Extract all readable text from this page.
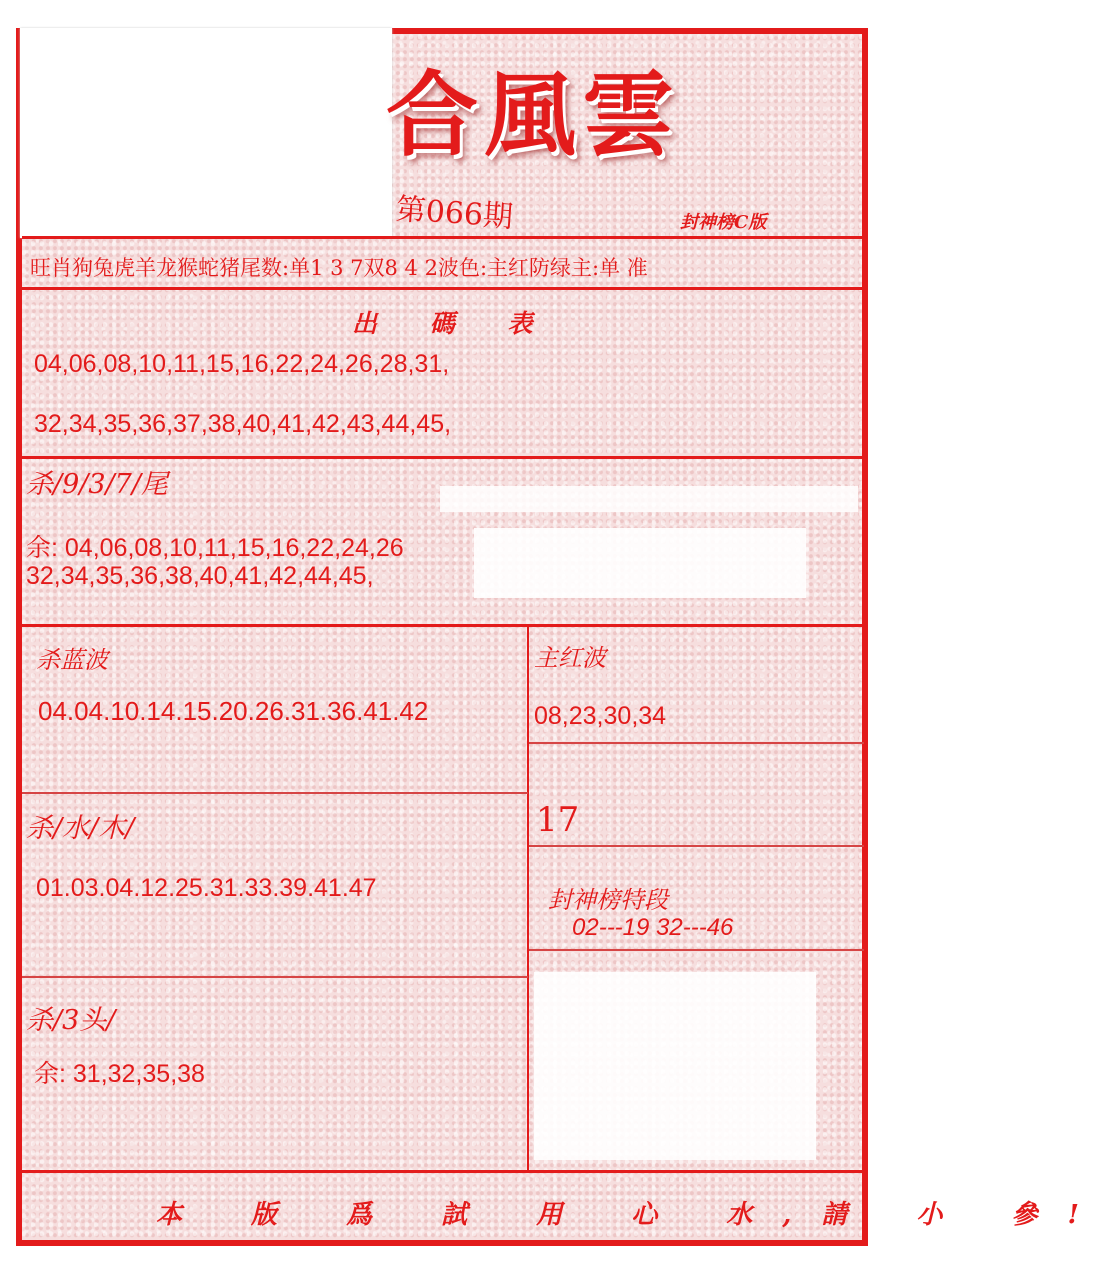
合風雲
第066期	封神榜C版
旺肖狗兔虎羊龙猴蛇猪尾数:单1 3 7双8 4 2波色:主红防绿主:单 准
出 碼 表
04,06,08,10,11,15,16,22,24,26,28,31,
32,34,35,36,37,38,40,41,42,43,44,45,
杀/9/3/7/尾
余: 04,06,08,10,11,15,16,22,24,26
32,34,35,36,38,40,41,42,44,45,
杀蓝波
04.04.10.14.15.20.26.31.36.41.42
主红波
08,23,30,34
杀/水/木/
01.03.04.12.25.31.33.39.41.47
17
封神榜特段
02---19 32---46
杀/3头/
余: 31,32,35,38
本 版 爲 試 用 心 水,請 小 參!
